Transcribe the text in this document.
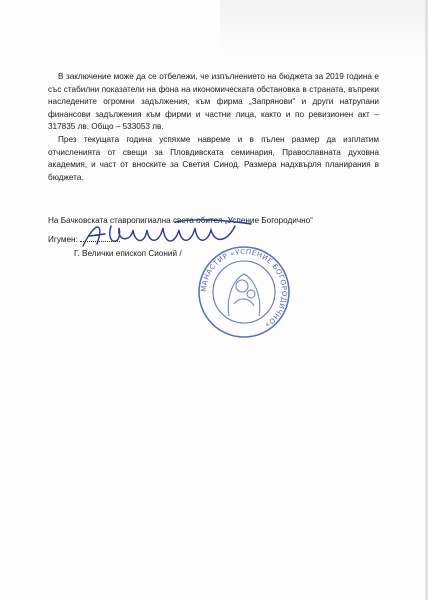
В заключение може да се отбележи, че изпълнението на бюджета за 2019 година е със стабилни показатели на фона на икономическата обстановка в страната, въпреки наследените огромни задължения, към фирма „Запрянови“ и други натрупани финансови задължения към фирми и частни лица, както и по ревизионен акт – 317835 лв. Общо – 533053 лв.

През текущата година успяхме навреме и в пълен размер да изплатим отчисленията от свещи за Пловдивската семинария, Православната духовна академия, и част от вноските за Светия Синод. Размера надхвърля планирания в бюджета.

На Бачковската ставропигиална света обител „Успение Богородично“

Игумен:

Г. Велички епископ Сионий /

МАНАСТИР «УСПЕНИЕ БОГОРОДИЧНО»
